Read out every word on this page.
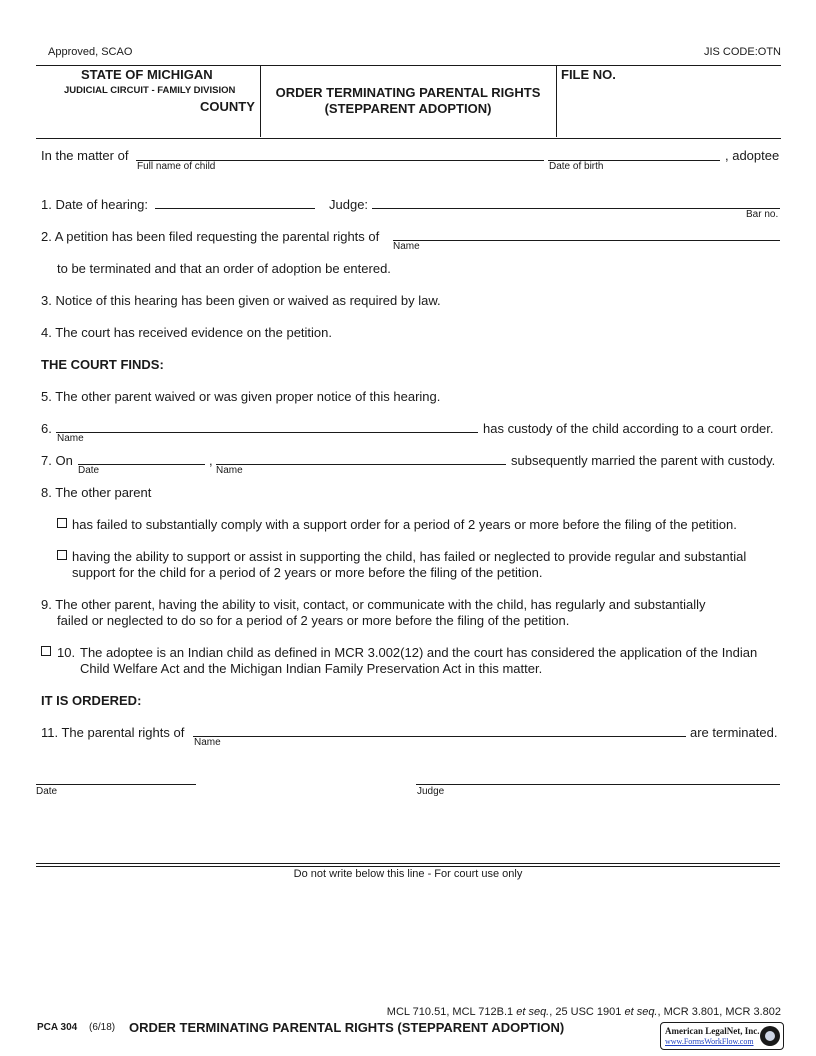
Approved, SCAO	JIS CODE:OTN
STATE OF MICHIGAN
JUDICIAL CIRCUIT - FAMILY DIVISION
COUNTY
ORDER TERMINATING PARENTAL RIGHTS
(STEPPARENT ADOPTION)
FILE NO.
In the matter of
Full name of child	Date of birth
, adoptee
1. Date of hearing:	Judge:
Bar no.
2. A petition has been filed requesting the parental rights of
Name
to be terminated and that an order of adoption be entered.
3. Notice of this hearing has been given or waived as required by law.
4. The court has received evidence on the petition.
THE COURT FINDS:
5. The other parent waived or was given proper notice of this hearing.
6.
Name
has custody of the child according to a court order.
7. On
Date
,
Name
subsequently married the parent with custody.
8. The other parent
has failed to substantially comply with a support order for a period of 2 years or more before the filing of the petition.
having the ability to support or assist in supporting the child, has failed or neglected to provide regular and substantial
support for the child for a period of 2 years or more before the filing of the petition.
9. The other parent, having the ability to visit, contact, or communicate with the child, has regularly and substantially
failed or neglected to do so for a period of 2 years or more before the filing of the petition.
10. The adoptee is an Indian child as defined in MCR 3.002(12) and the court has considered the application of the Indian
Child Welfare Act and the Michigan Indian Family Preservation Act in this matter.
IT IS ORDERED:
11. The parental rights of
Name
are terminated.
Date	Judge
Do not write below this line - For court use only
MCL 710.51, MCL 712B.1 et seq., 25 USC 1901 et seq., MCR 3.801, MCR 3.802
PCA 304 (6/18) ORDER TERMINATING PARENTAL RIGHTS (STEPPARENT ADOPTION)	American LegalNet, Inc.
www.FormsWorkFlow.com
